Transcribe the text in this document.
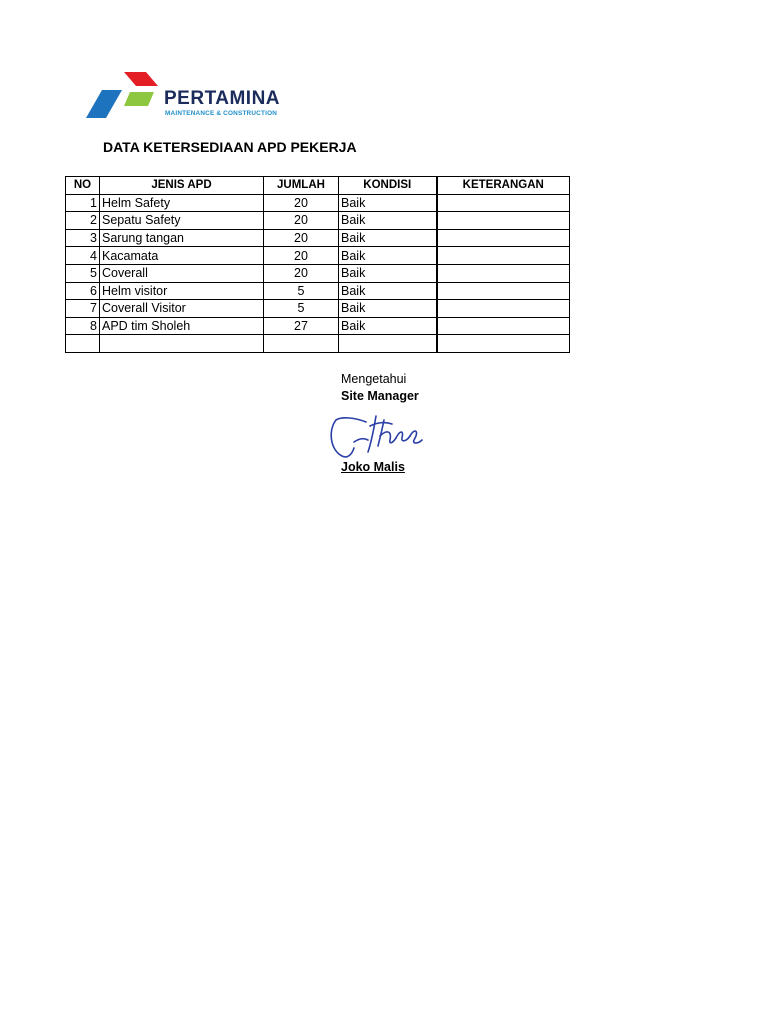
PERTAMINA
MAINTENANCE & CONSTRUCTION
DATA KETERSEDIAAN APD PEKERJA
NO	JENIS APD	JUMLAH	KONDISI	KETERANGAN
1	Helm Safety	20	Baik	
2	Sepatu Safety	20	Baik	
3	Sarung tangan	20	Baik	
4	Kacamata	20	Baik	
5	Coverall	20	Baik	
6	Helm visitor	5	Baik	
7	Coverall Visitor	5	Baik	
8	APD tim Sholeh	27	Baik	

Mengetahui
Site Manager
Joko Malis
